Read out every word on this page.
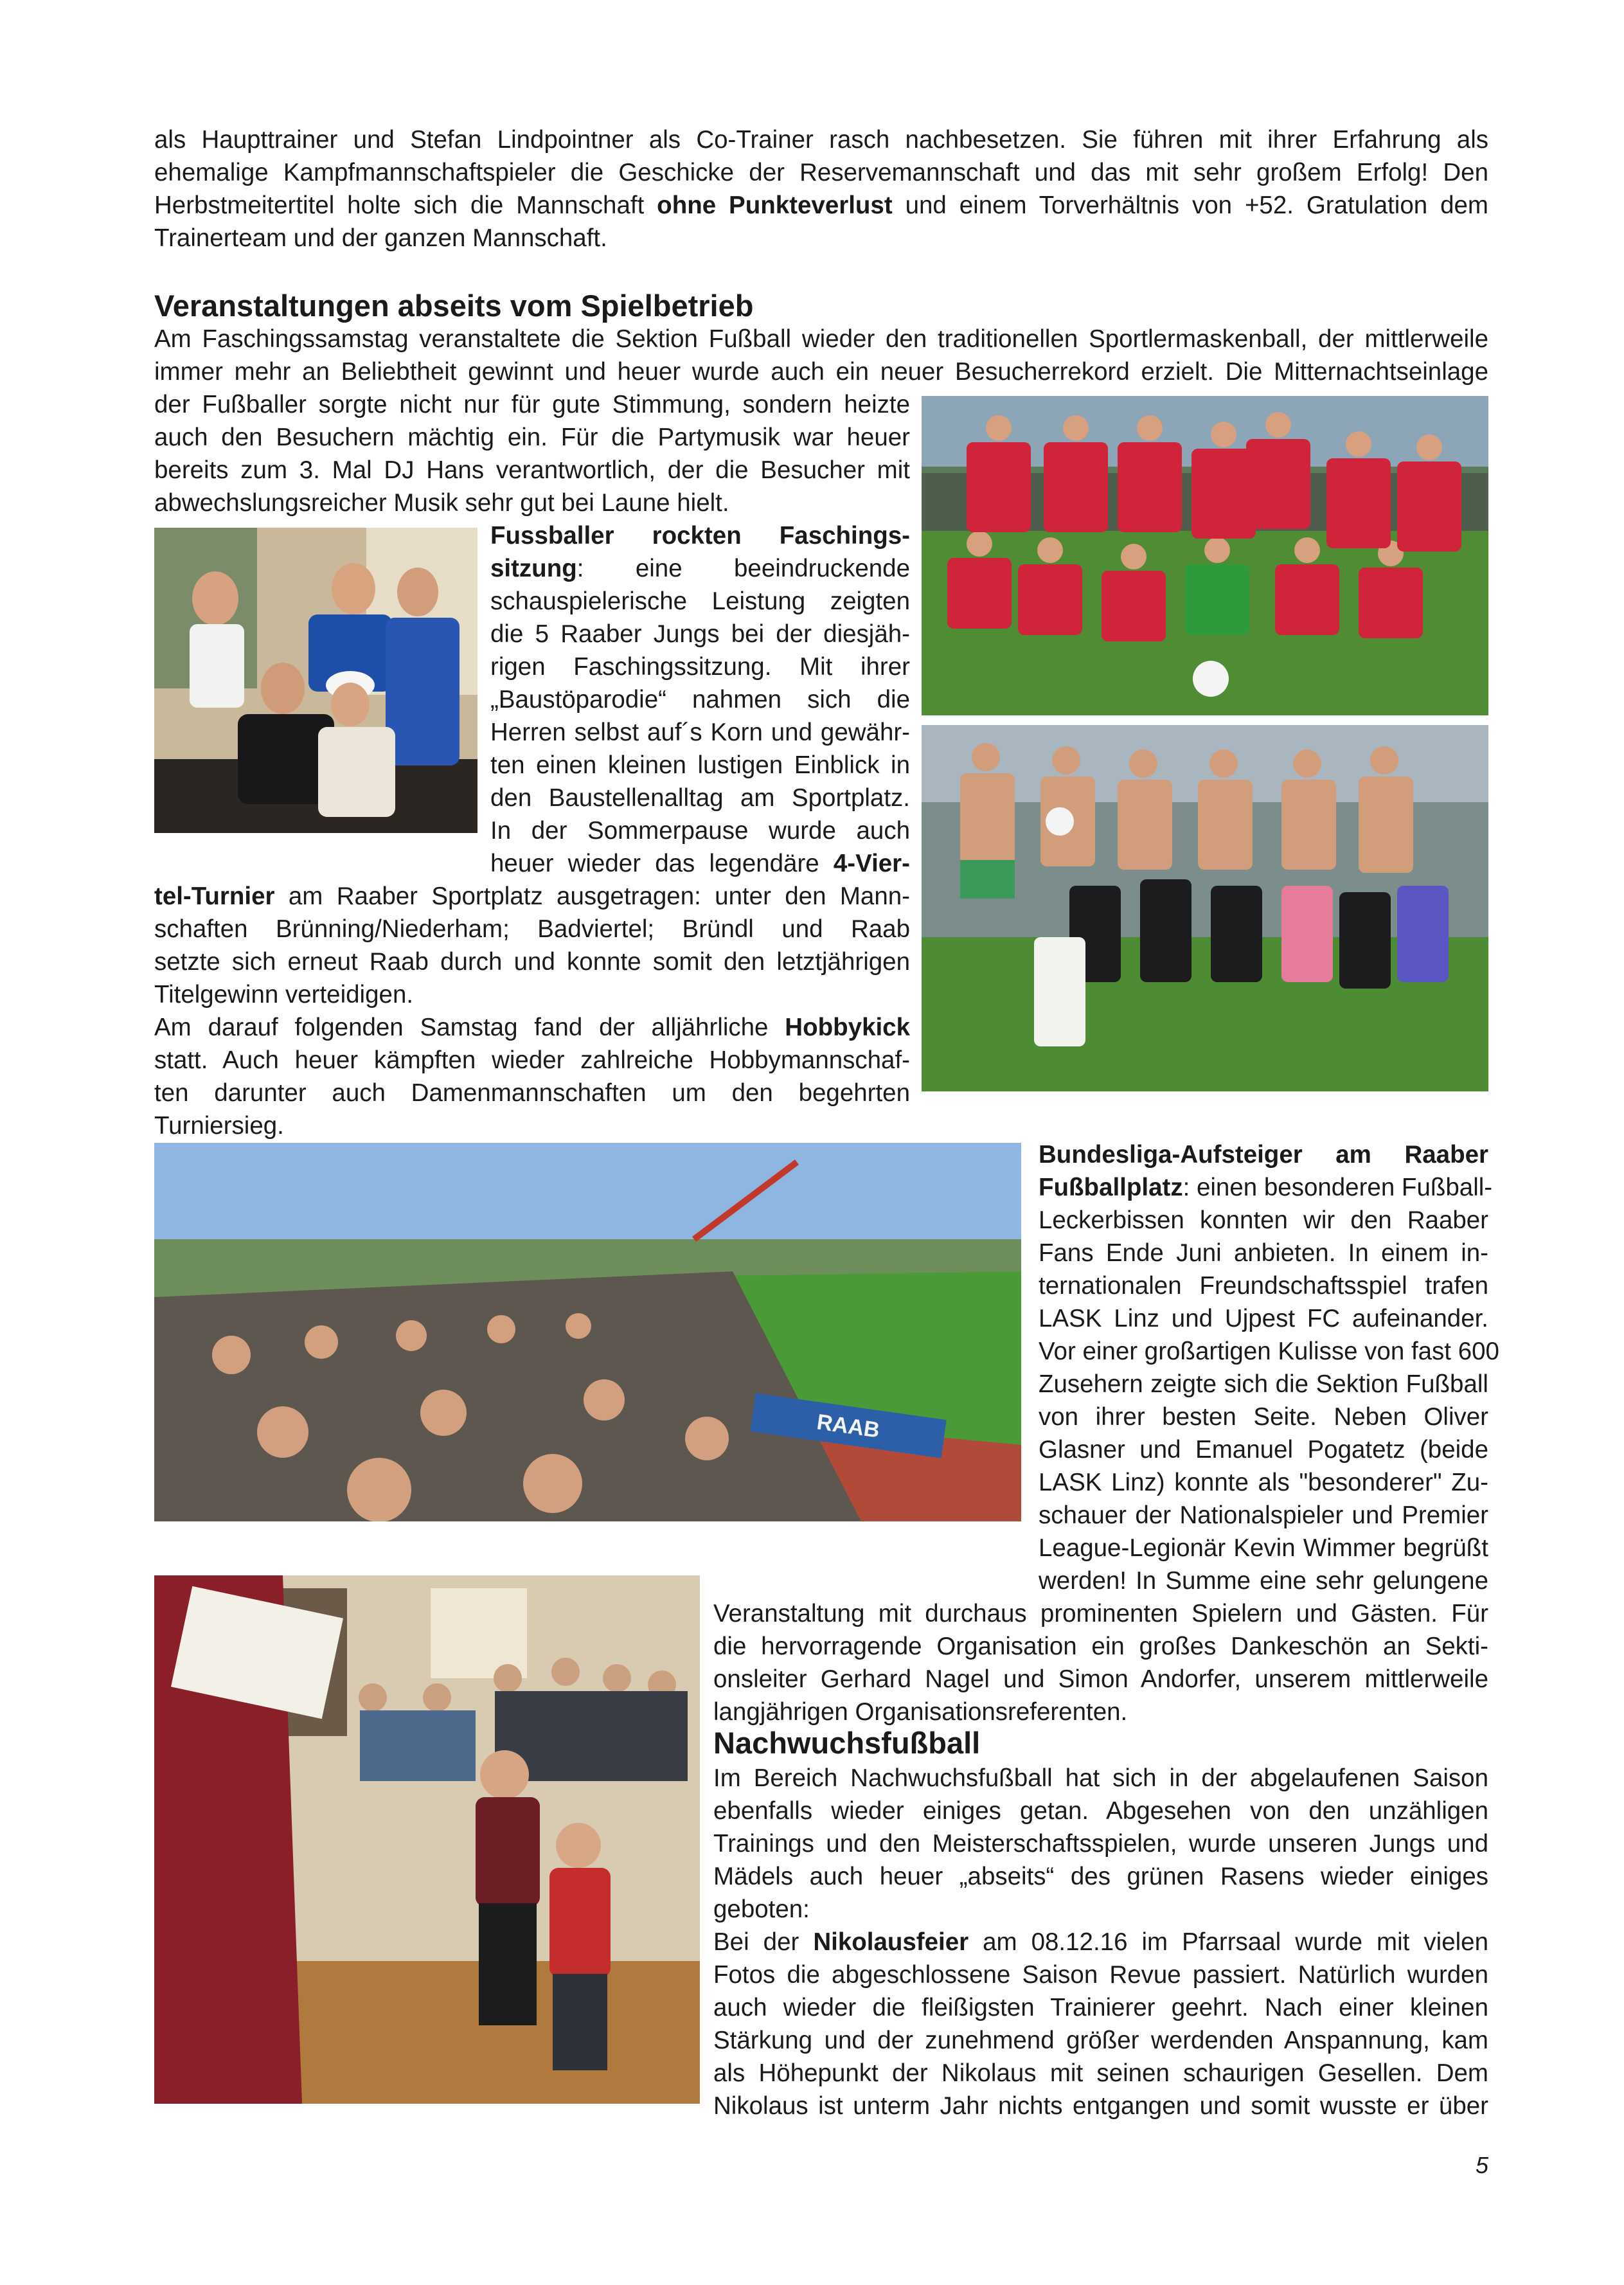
als Haupttrainer und Stefan Lindpointner als Co-Trainer rasch nachbesetzen. Sie führen mit ihrer Erfahrung als
ehemalige Kampfmannschaftspieler die Geschicke der Reservemannschaft und das mit sehr großem Erfolg! Den
Herbstmeitertitel holte sich die Mannschaft ohne Punkteverlust und einem Torverhältnis von +52. Gratulation dem
Trainerteam und der ganzen Mannschaft.
Veranstaltungen abseits vom Spielbetrieb
Am Faschingssamstag veranstaltete die Sektion Fußball wieder den traditionellen Sportlermaskenball, der mittlerweile
immer mehr an Beliebtheit gewinnt und heuer wurde auch ein neuer Besucherrekord erzielt. Die Mitternachtseinlage
der Fußballer sorgte nicht nur für gute Stimmung, sondern heizte
auch den Besuchern mächtig ein. Für die Partymusik war heuer
bereits zum 3. Mal DJ Hans verantwortlich, der die Besucher mit
abwechslungsreicher Musik sehr gut bei Laune hielt.
Fussballer rockten Faschings-
sitzung: eine beeindruckende
schauspielerische Leistung zeigten
die 5 Raaber Jungs bei der diesjäh-
rigen Faschingssitzung. Mit ihrer
„Baustöparodie“ nahmen sich die
Herren selbst auf´s Korn und gewähr-
ten einen kleinen lustigen Einblick in
den Baustellenalltag am Sportplatz.
In der Sommerpause wurde auch
heuer wieder das legendäre 4-Vier-
tel-Turnier am Raaber Sportplatz ausgetragen: unter den Mann-
schaften Brünning/Niederham; Badviertel; Bründl und Raab
setzte sich erneut Raab durch und konnte somit den letztjährigen
Titelgewinn verteidigen.
Am darauf folgenden Samstag fand der alljährliche Hobbykick
statt. Auch heuer kämpften wieder zahlreiche Hobbymannschaf-
ten darunter auch Damenmannschaften um den begehrten
Turniersieg.
Bundesliga-Aufsteiger am Raaber
Fußballplatz: einen besonderen Fußball-
Leckerbissen konnten wir den Raaber
Fans Ende Juni anbieten. In einem in-
ternationalen Freundschaftsspiel trafen
LASK Linz und Ujpest FC aufeinander.
Vor einer großartigen Kulisse von fast 600
Zusehern zeigte sich die Sektion Fußball
von ihrer besten Seite. Neben Oliver
Glasner und Emanuel Pogatetz (beide
LASK Linz) konnte als "besonderer" Zu-
schauer der Nationalspieler und Premier
League-Legionär Kevin Wimmer begrüßt
werden! In Summe eine sehr gelungene
Veranstaltung mit durchaus prominenten Spielern und Gästen. Für
die hervorragende Organisation ein großes Dankeschön an Sekti-
onsleiter Gerhard Nagel und Simon Andorfer, unserem mittlerweile
langjährigen Organisationsreferenten.
Nachwuchsfußball
Im Bereich Nachwuchsfußball hat sich in der abgelaufenen Saison
ebenfalls wieder einiges getan. Abgesehen von den unzähligen
Trainings und den Meisterschaftsspielen, wurde unseren Jungs und
Mädels auch heuer „abseits“ des grünen Rasens wieder einiges
geboten:
Bei der Nikolausfeier am 08.12.16 im Pfarrsaal wurde mit vielen
Fotos die abgeschlossene Saison Revue passiert. Natürlich wurden
auch wieder die fleißigsten Trainierer geehrt. Nach einer kleinen
Stärkung und der zunehmend größer werdenden Anspannung, kam
als Höhepunkt der Nikolaus mit seinen schaurigen Gesellen. Dem
Nikolaus ist unterm Jahr nichts entgangen und somit wusste er über
5
RAAB
